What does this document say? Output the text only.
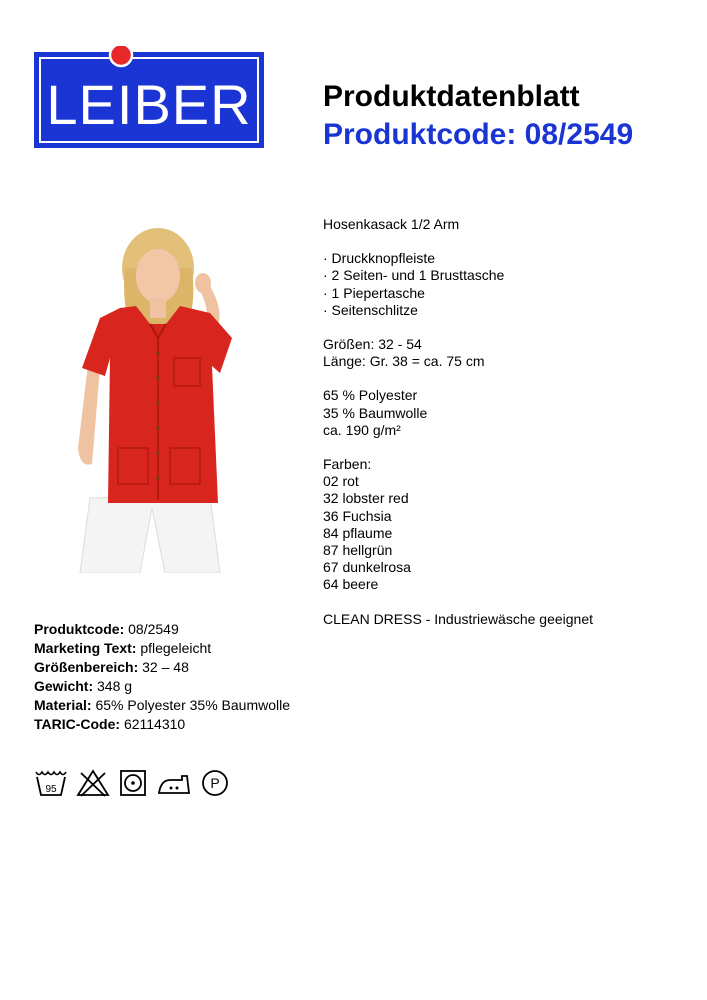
LEIBER Produktdatenblatt
Produktcode: 08/2549

Hosenkasack 1/2 Arm

· Druckknopfleiste

· 2 Seiten- und 1 Brusttasche

· 1 Piepertasche

· Seitenschlitze

Größen: 32 - 54

Länge: Gr. 38 = ca. 75 cm

65 % Polyester

35 % Baumwolle

ca. 190 g/m²

Farben:

02 rot

32 lobster red

36 Fuchsia

84 pflaume

87 hellgrün

67 dunkelrosa

64 beere

CLEAN DRESS - Industriewäsche geeignet

Produktcode: 08/2549
Marketing Text: pflegeleicht
Größenbereich: 32 – 48
Gewicht: 348 g
Material: 65% Polyester 35% Baumwolle
TARIC-Code: 62114310
95	P
